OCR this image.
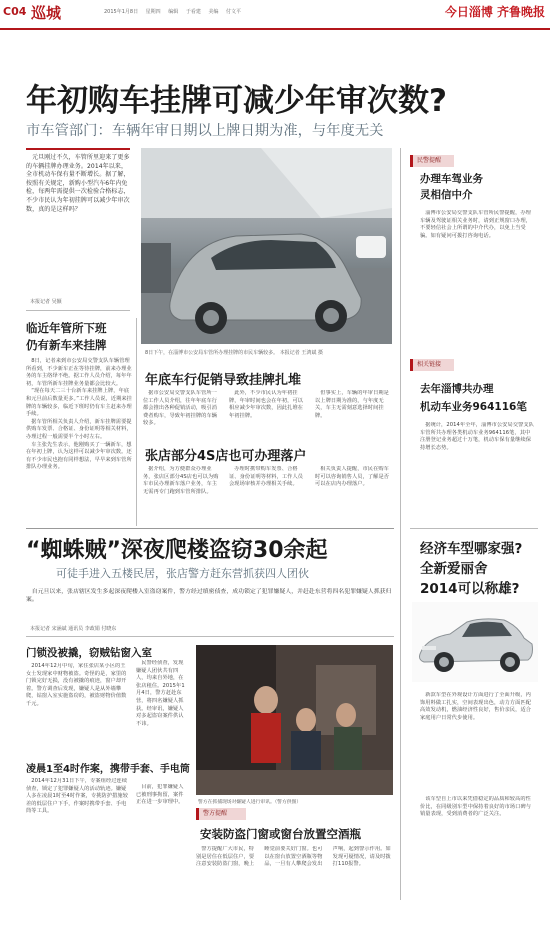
C04 巡城	2015年1月8日 星期四 编辑 于看建 美编 付文平	今日淄博 齐鲁晚报
年初购车挂牌可减少年审次数?
市车管部门：车辆年审日期以上牌日期为准，与年度无关
元旦刚过不久，车管所里迎来了更多的车辆挂牌办理业务。2014年以来，全市机动车保有量不断增长。据了解，按照有关规定，新购小型汽车6年内免检，每两年需提供一次检验合格标志，不少市民认为年初挂牌可以减少年审次数，真的是这样吗？
本报记者 吴额
8日下午，在淄博市公安局车管所办理挂牌的市民车辆较多。 本报记者 王鸿斌 摄
临近年管所下班
仍有新车来挂牌

8日，记者来到市公安局交警支队车辆管理所看到，不少新车正在等待挂牌，前来办理业务的车主络绎不绝。据工作人员介绍，每年年初，车管所新车挂牌业务量都会比较大。

“现在每天二三十台新车来挂牌上牌，年底和元旦前后数量更多。”工作人员说，近期来挂牌的车辆较多，临近下班时仍有车主赶来办理手续。

据车管所相关负责人介绍，新车挂牌需要提供购车发票、合格证、身份证明等相关材料，办理过程一般需要半个小时左右。

车主张先生表示，他刚购买了一辆新车，想在年初上牌，认为这样可以减少年审次数。还有不少市民也抱有同样想法，早早来到车管所排队办理业务。

年底车行促销导致挂牌扎堆

据市公安局交警支队车管所一位工作人员介绍，往年年底车行都会推出各种促销活动，吸引消费者购车，导致年初挂牌的车辆较多。

此外，不少市民认为年初挂牌，年审时间也会在年初，可以相应减少年审次数，因此扎堆在年初挂牌。

但事实上，车辆的年审日期是以上牌日期为准的，与年度无关，车主无需刻意选择时间挂牌。

张店部分4S店也可办理落户

据介绍，为方便群众办理业务，张店区部分4S店也可以为购车市民办理新车落户业务，车主无需再专门跑到车管所排队。

办理时携带购车发票、合格证、身份证明等材料，工作人员会现场审核并办理相关手续。

相关负责人提醒，市民在购车时可以咨询销售人员，了解是否可以在店内办理落户。

民警提醒
办理车驾业务
灵相信中介
淄博市公安局交警支队车管所民警提醒，办理车辆及驾驶证相关业务时，请到正规窗口办理，不要轻信社会上所谓的中介代办，以免上当受骗。如有疑问可拨打咨询电话。
相关链接
去年淄博共办理
机动车业务964116笔
据统计，2014年全年，淄博市公安局交警支队车管所共办理各类机动车业务964116笔，其中注册登记业务超过十万笔，机动车保有量继续保持增长态势。
经济车型哪家强?
全新爱丽舍
2014可以称雄?
新款车型在外观设计方面进行了全面升级，内饰用料做工扎实，空间表现出色，动力方面匹配高效发动机，燃油经济性良好，售价亲民，适合家庭用户日常代步使用。
该车型自上市以来凭借稳定的品质和较高的性价比，在同级别车型中保持着良好的市场口碑与销量表现，受到消费者的广泛关注。
“蜘蛛贼”深夜爬楼盗窃30余起
可徒手进入五楼民居，张店警方赶东营抓获四人团伙
自元旦以来，张店辖区发生多起深夜爬楼入室盗窃案件，警方经过缜密侦查，成功锁定了犯罪嫌疑人，并赶赴东营将四名犯罪嫌疑人抓获归案。
本报记者 宋涵斌 通讯员 李政娟 付晓东
门锁没被撬，窃贼钻窗入室
2014年12月中旬，家住张店某小区的王女士发现家中财物被盗。奇怪的是，家里的门锁完好无损，没有被撬的痕迹，窗户却开着。警方调查后发现，嫌疑人是从外墙攀爬，钻窗入室实施盗窃的，被盗财物价值数千元。
凌晨1至4时作案，携带手套、手电筒
2014年12月31日下午，专案组经过连续侦查，锁定了犯罪嫌疑人的活动轨迹。嫌疑人多在凌晨1时至4时作案，专挑防护措施较差的低层住户下手，作案时携带手套、手电筒等工具。
民警经侦查，发现嫌疑人团伙共有四人，均来自外地，在张店租住。2015年1月4日，警方赶赴东营，将四名嫌疑人抓获。经审讯，嫌疑人对多起盗窃案件供认不讳。
目前，犯罪嫌疑人已被刑事拘留，案件正在进一步审理中。	警方在抓捕现场对嫌疑人进行审讯。（警方供图）
警方提醒
安装防盗门窗或窗台放置空酒瓶

警方提醒广大市民，特别是居住在低层住户，要注意安装防盗门窗，晚上睡觉前要关好门窗。也可以在窗台放置空酒瓶等物品，一旦有人攀爬会发出声响，起到警示作用。如发现可疑情况，请及时拨打110报警。
